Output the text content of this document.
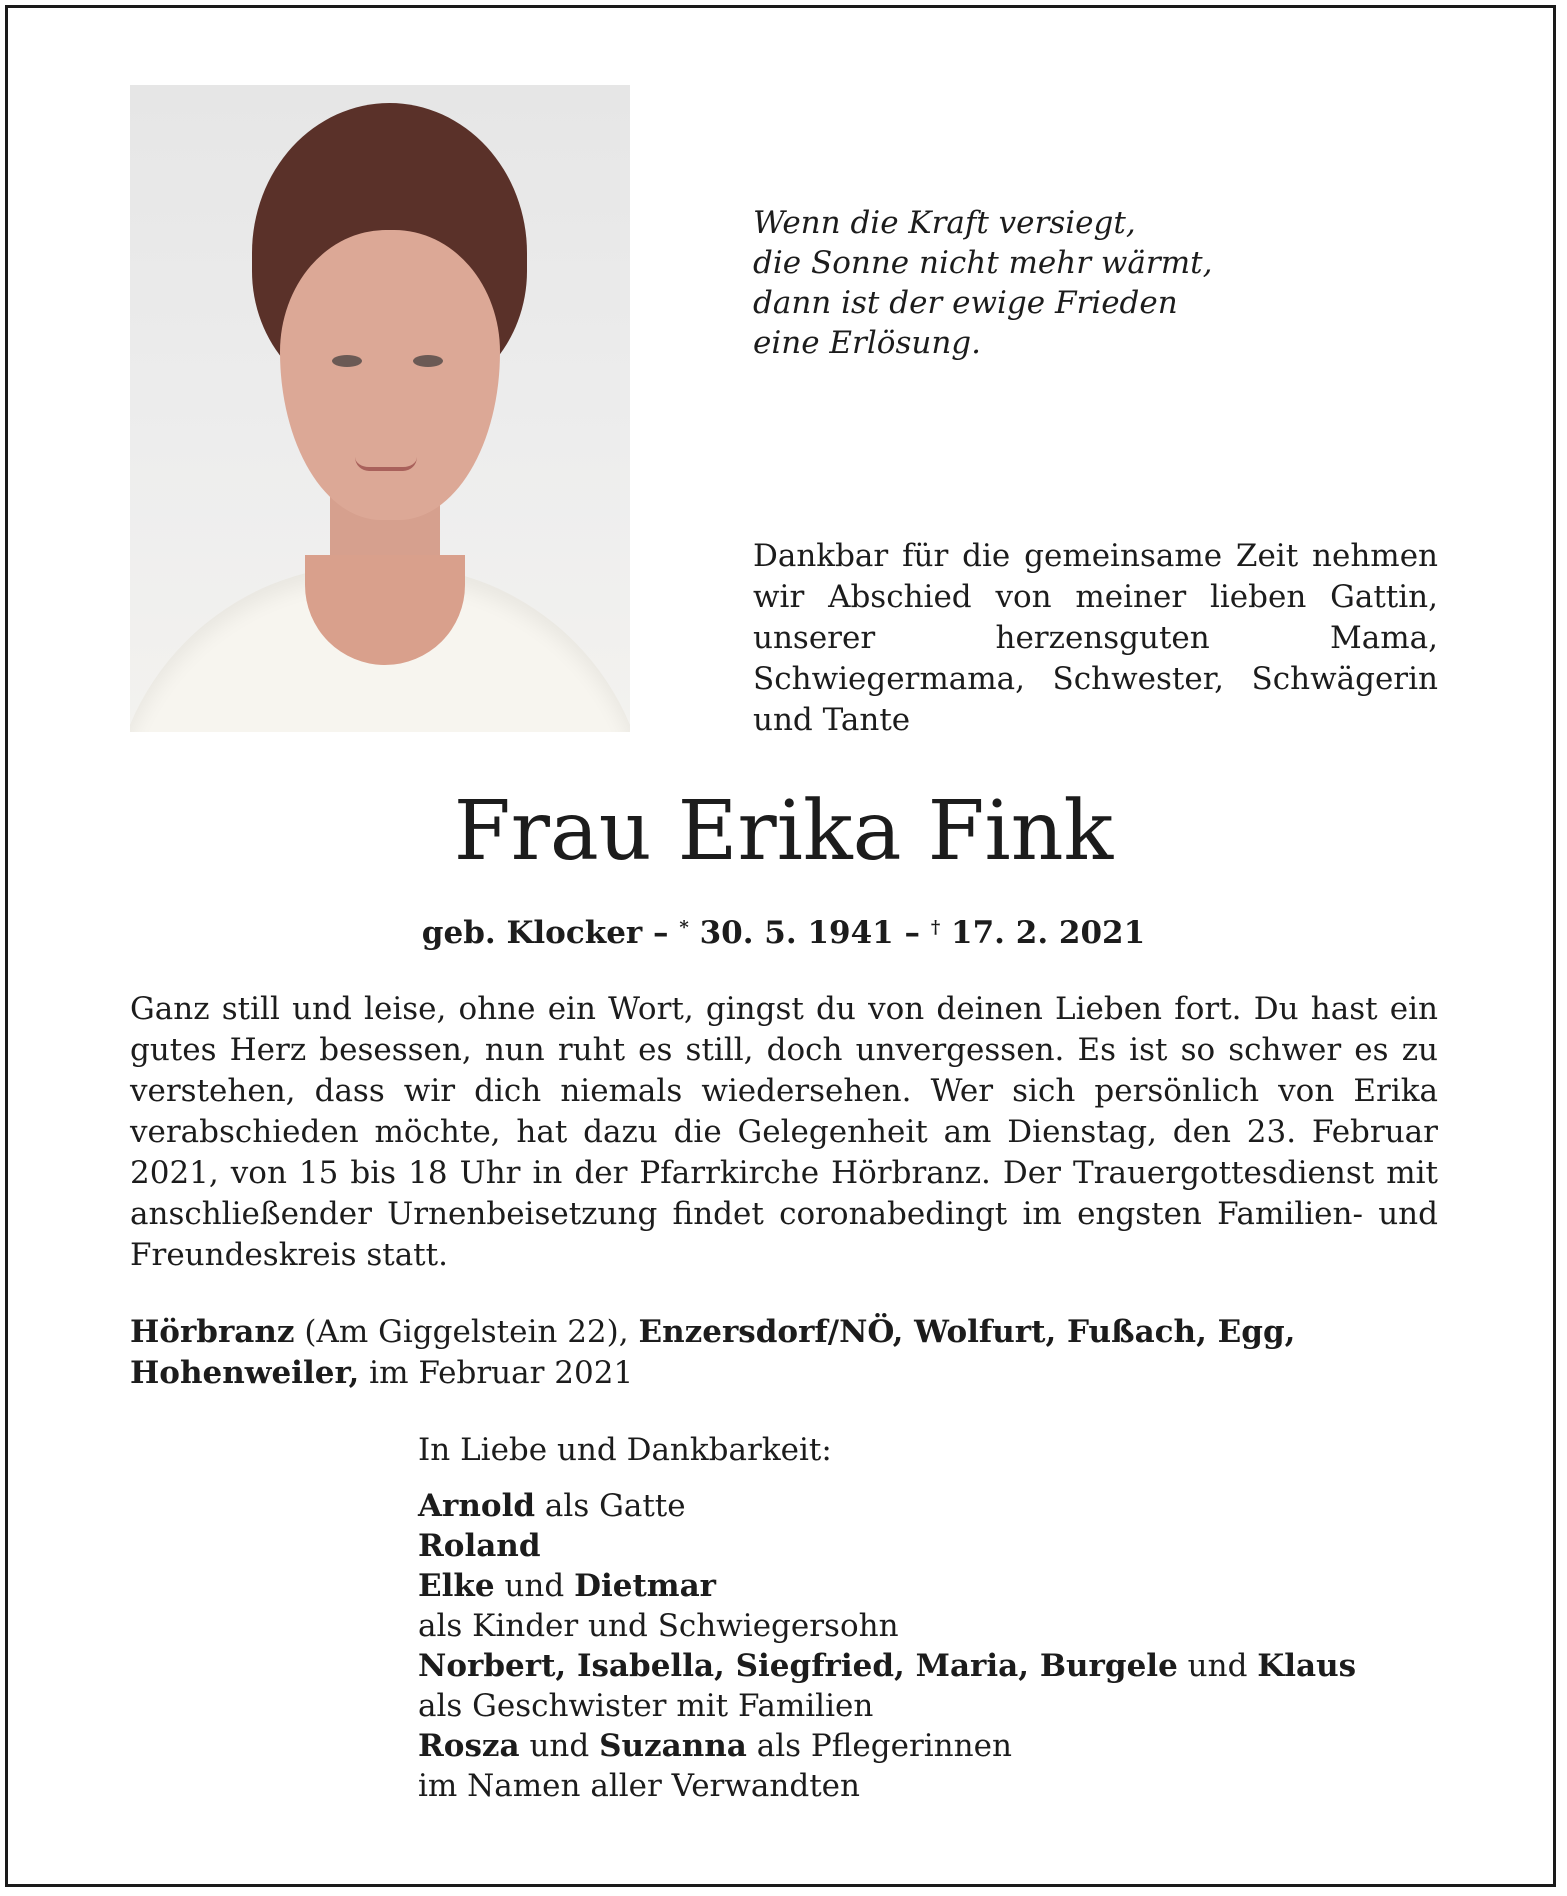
Wenn die Kraft versiegt,
die Sonne nicht mehr wärmt,
dann ist der ewige Frieden
eine Erlösung.
Dankbar für die gemeinsame Zeit nehmen wir Abschied von meiner lieben Gattin, unserer herzensguten Mama, Schwiegermama, Schwester, Schwägerin und Tante
Frau Erika Fink
geb. Klocker – * 30. 5. 1941 – † 17. 2. 2021
Ganz still und leise, ohne ein Wort, gingst du von deinen Lieben fort. Du hast ein gutes Herz besessen, nun ruht es still, doch unvergessen. Es ist so schwer es zu verstehen, dass wir dich niemals wiedersehen. Wer sich persönlich von Erika verabschieden möchte, hat dazu die Gelegenheit am Dienstag, den 23. Februar 2021, von 15 bis 18 Uhr in der Pfarrkirche Hörbranz. Der Trauergottesdienst mit anschließender Urnenbeisetzung findet coronabedingt im engsten Familien- und Freundeskreis statt.
Hörbranz (Am Giggelstein 22), Enzersdorf/NÖ, Wolfurt, Fußach, Egg,
Hohenweiler, im Februar 2021
In Liebe und Dankbarkeit:
Arnold als Gatte
Roland
Elke und Dietmar
als Kinder und Schwiegersohn
Norbert, Isabella, Siegfried, Maria, Burgele und Klaus
als Geschwister mit Familien
Rosza und Suzanna als Pflegerinnen
im Namen aller Verwandten
